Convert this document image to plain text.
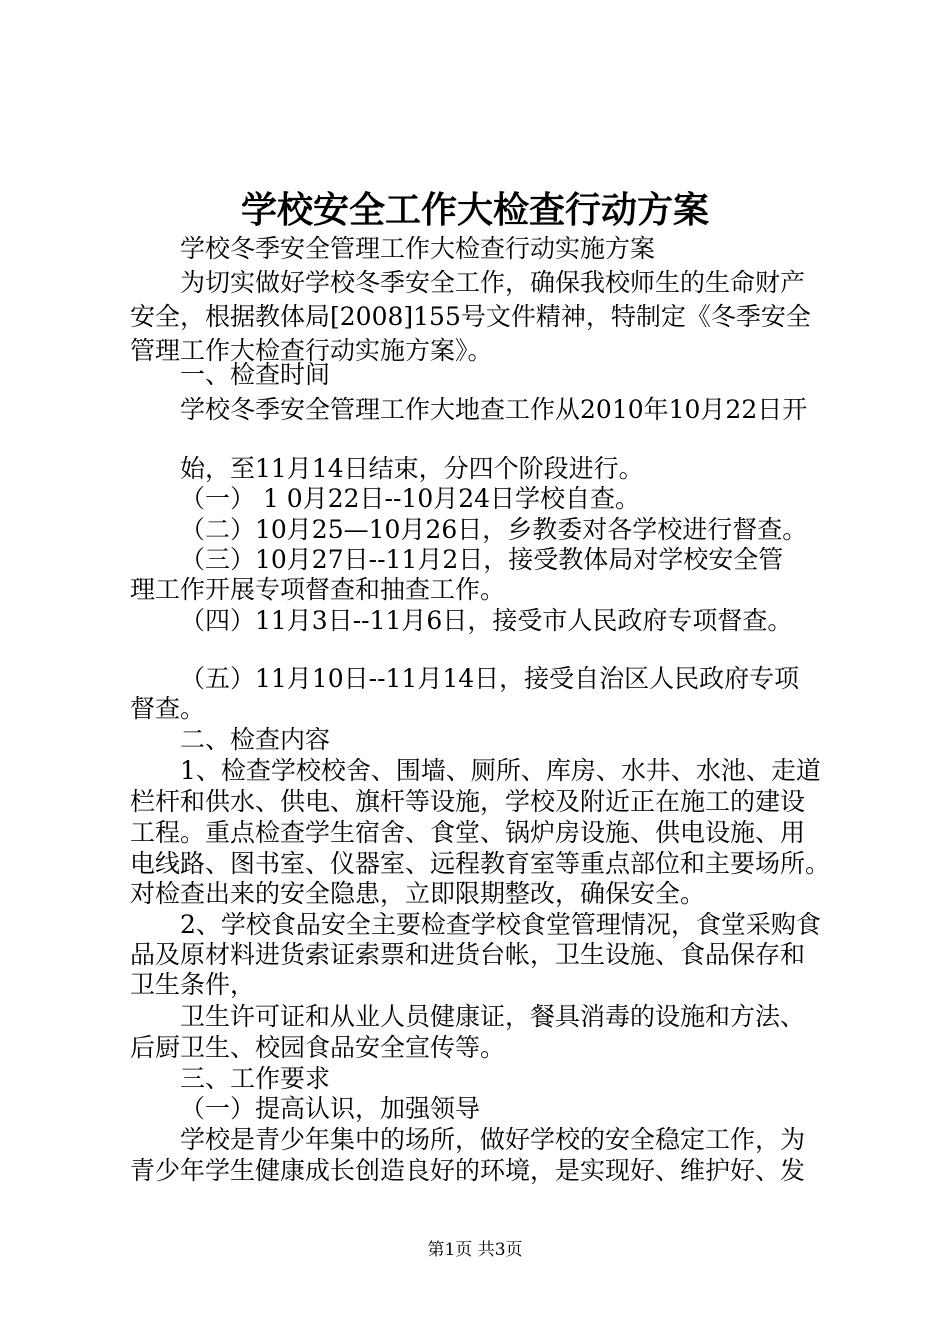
学校安全工作大检查行动方案
学校冬季安全管理工作大检查行动实施方案
为切实做好学校冬季安全工作，确保我校师生的生命财产
安全，根据教体局[2008]155号文件精神，特制定《冬季安全
管理工作大检查行动实施方案》。
一、检查时间
学校冬季安全管理工作大地查工作从2010年10月22日开
始，至11月14日结束，分四个阶段进行。
（一） 1 0月22日--10月24日学校自查。
（二）10月25—10月26日，乡教委对各学校进行督查。
（三）10月27日--11月2日，接受教体局对学校安全管
理工作开展专项督查和抽查工作。
（四）11月3日--11月6日，接受市人民政府专项督查。
（五）11月10日--11月14日，接受自治区人民政府专项
督查。
二、检查内容
1、检查学校校舍、围墙、厕所、库房、水井、水池、走道
栏杆和供水、供电、旗杆等设施，学校及附近正在施工的建设
工程。重点检查学生宿舍、食堂、锅炉房设施、供电设施、用
电线路、图书室、仪器室、远程教育室等重点部位和主要场所。
对检查出来的安全隐患，立即限期整改，确保安全。
2、学校食品安全主要检查学校食堂管理情况，食堂采购食
品及原材料进货索证索票和进货台帐，卫生设施、食品保存和
卫生条件，
卫生许可证和从业人员健康证，餐具消毒的设施和方法、
后厨卫生、校园食品安全宣传等。
三、工作要求
（一）提高认识，加强领导
学校是青少年集中的场所，做好学校的安全稳定工作，为
青少年学生健康成长创造良好的环境，是实现好、维护好、发
第1页 共3页
